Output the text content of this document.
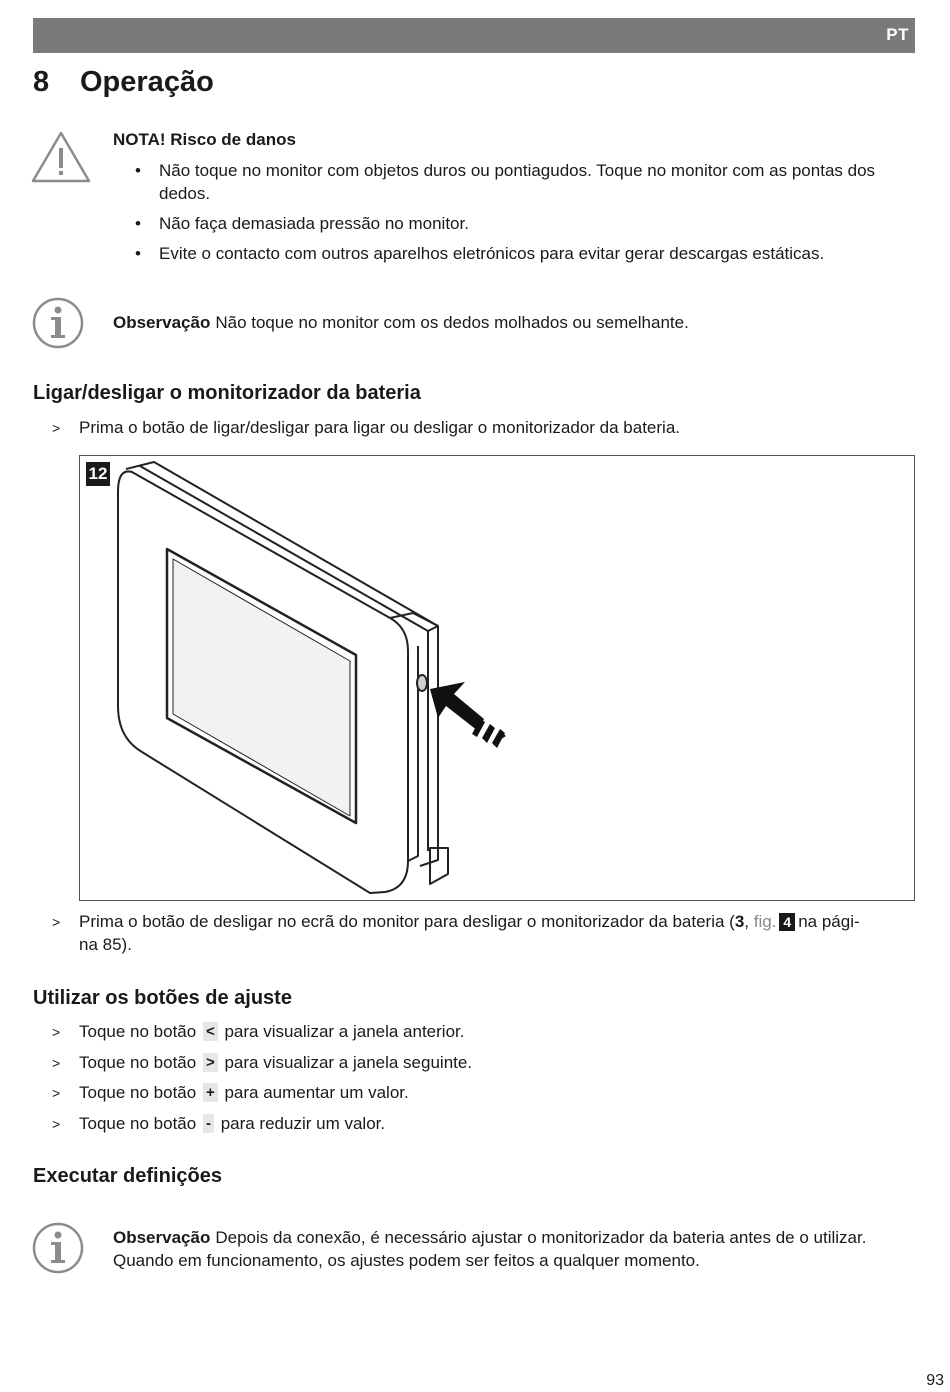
PT
8 Operação
NOTA! Risco de danos
• Não toque no monitor com objetos duros ou pontiagudos. Toque no monitor com as pontas dos dedos.
• Não faça demasiada pressão no monitor.
• Evite o contacto com outros aparelhos eletrónicos para evitar gerar descargas estáticas.
Observação Não toque no monitor com os dedos molhados ou semelhante.
Ligar/desligar o monitorizador da bateria
> Prima o botão de ligar/desligar para ligar ou desligar o monitorizador da bateria.
12
> Prima o botão de desligar no ecrã do monitor para desligar o monitorizador da bateria (3, fig. 4 na pági-
na 85).
Utilizar os botões de ajuste
> Toque no botão < para visualizar a janela anterior.
> Toque no botão > para visualizar a janela seguinte.
> Toque no botão + para aumentar um valor.
> Toque no botão - para reduzir um valor.
Executar definições
Observação Depois da conexão, é necessário ajustar o monitorizador da bateria antes de o utilizar.
Quando em funcionamento, os ajustes podem ser feitos a qualquer momento.
93
